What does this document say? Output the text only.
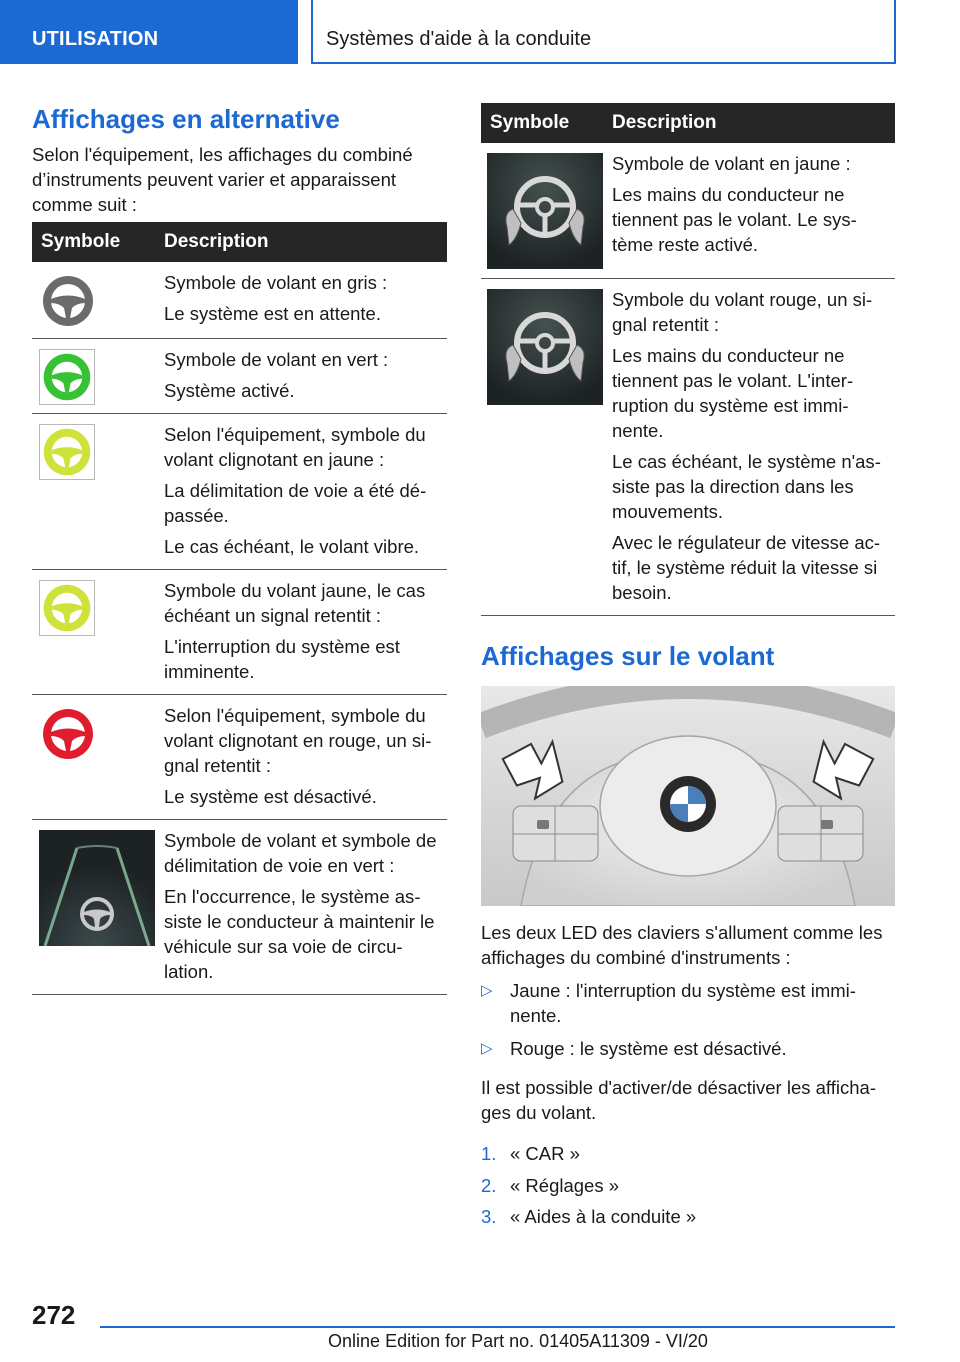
UTILISATION	Systèmes d'aide à la conduite
Affichages en alternative

Selon l'équipement, les affichages du combiné d’instruments peuvent varier et apparaissent comme suit :

Symbole	Description

Symbole de volant en gris :
Le système est en attente.

Symbole de volant en vert :
Système activé.

Selon l'équipement, symbole du volant clignotant en jaune :
La délimitation de voie a été dépassée.
Le cas échéant, le volant vibre.

Symbole du volant jaune, le cas échéant un signal retentit :
L'interruption du système est imminente.

Selon l'équipement, symbole du volant clignotant en rouge, un signal retentit :
Le système est désactivé.

Symbole de volant et symbole de délimitation de voie en vert :
En l'occurrence, le système assiste le conducteur à maintenir le véhicule sur sa voie de circulation.
Symbole	Description

Symbole de volant en jaune :
Les mains du conducteur ne tiennent pas le volant. Le système reste activé.

Symbole du volant rouge, un signal retentit :
Les mains du conducteur ne tiennent pas le volant. L'interruption du système est imminente.
Le cas échéant, le système n'assiste pas la direction dans les mouvements.
Avec le régulateur de vitesse actif, le système réduit la vitesse si besoin.
Affichages sur le volant

Les deux LED des claviers s'allument comme les affichages du combiné d'instruments :

▷ Jaune : l'interruption du système est imminente.
▷ Rouge : le système est désactivé.

Il est possible d'activer/de désactiver les affichages du volant.

1. « CAR »
2. « Réglages »
3. « Aides à la conduite »
272
Online Edition for Part no. 01405A11309 - VI/20
